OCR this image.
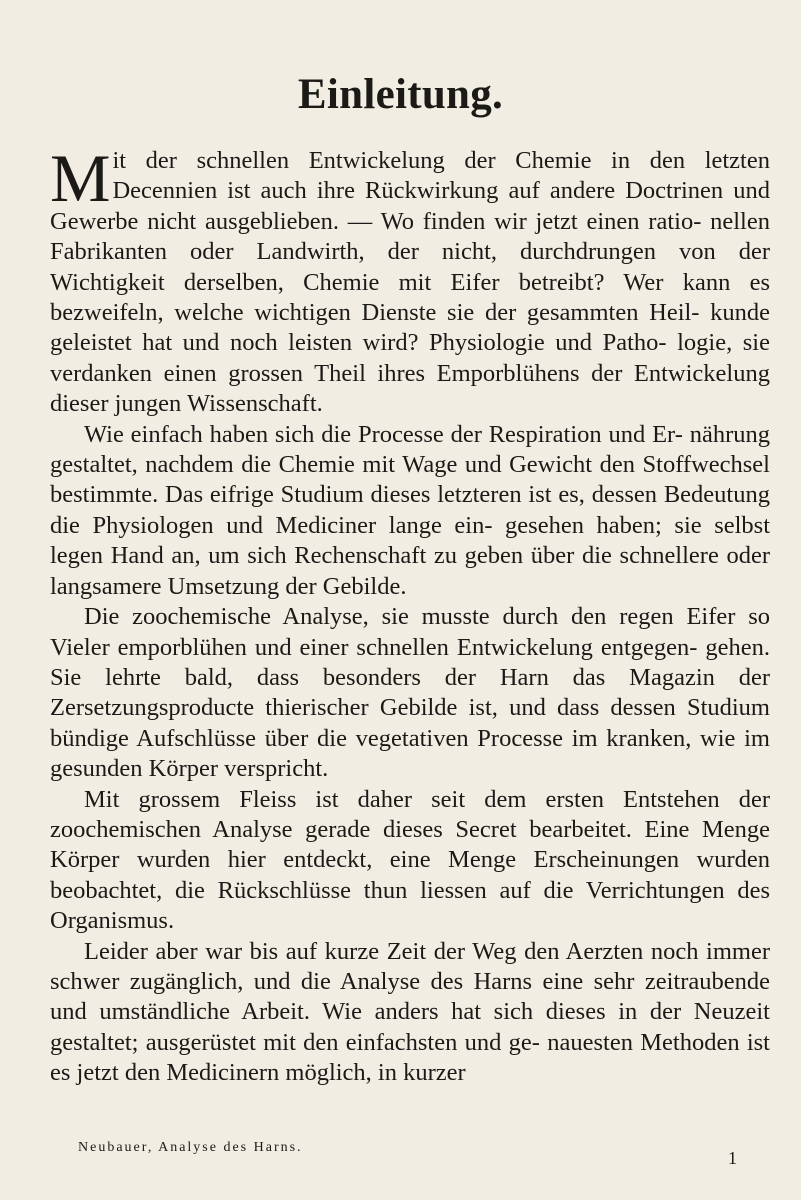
Einleitung.

Mit der schnellen Entwickelung der Chemie in den letzten Decennien ist auch ihre Rückwirkung auf andere Doctrinen und Gewerbe nicht ausgeblieben. — Wo finden wir jetzt einen ratio- nellen Fabrikanten oder Landwirth, der nicht, durchdrungen von der Wichtigkeit derselben, Chemie mit Eifer betreibt? Wer kann es bezweifeln, welche wichtigen Dienste sie der gesammten Heil- kunde geleistet hat und noch leisten wird? Physiologie und Patho- logie, sie verdanken einen grossen Theil ihres Emporblühens der Entwickelung dieser jungen Wissenschaft.

Wie einfach haben sich die Processe der Respiration und Er- nährung gestaltet, nachdem die Chemie mit Wage und Gewicht den Stoffwechsel bestimmte. Das eifrige Studium dieses letzteren ist es, dessen Bedeutung die Physiologen und Mediciner lange ein- gesehen haben; sie selbst legen Hand an, um sich Rechenschaft zu geben über die schnellere oder langsamere Umsetzung der Gebilde.

Die zoochemische Analyse, sie musste durch den regen Eifer so Vieler emporblühen und einer schnellen Entwickelung entgegen- gehen. Sie lehrte bald, dass besonders der Harn das Magazin der Zersetzungsproducte thierischer Gebilde ist, und dass dessen Studium bündige Aufschlüsse über die vegetativen Processe im kranken, wie im gesunden Körper verspricht.

Mit grossem Fleiss ist daher seit dem ersten Entstehen der zoochemischen Analyse gerade dieses Secret bearbeitet. Eine Menge Körper wurden hier entdeckt, eine Menge Erscheinungen wurden beobachtet, die Rückschlüsse thun liessen auf die Verrichtungen des Organismus.

Leider aber war bis auf kurze Zeit der Weg den Aerzten noch immer schwer zugänglich, und die Analyse des Harns eine sehr zeitraubende und umständliche Arbeit. Wie anders hat sich dieses in der Neuzeit gestaltet; ausgerüstet mit den einfachsten und ge- nauesten Methoden ist es jetzt den Medicinern möglich, in kurzer

Neubauer, Analyse des Harns.
1
